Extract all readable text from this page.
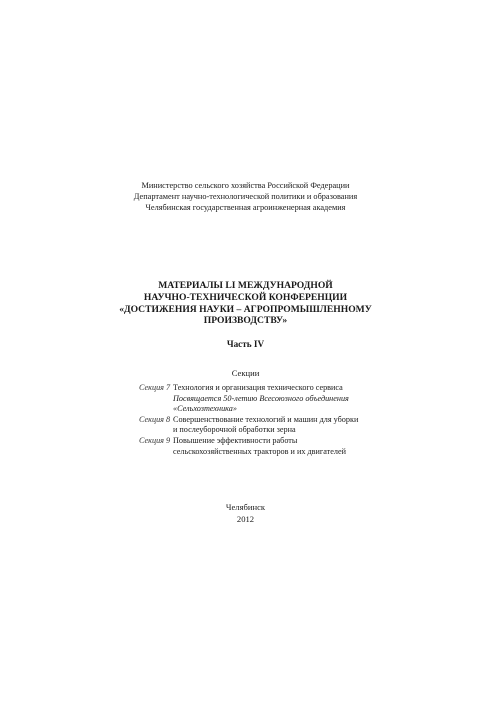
Министерство сельского хозяйства Российской Федерации
Департамент научно-технологической политики и образования
Челябинская государственная агроинженерная академия
МАТЕРИАЛЫ LI МЕЖДУНАРОДНОЙ
НАУЧНО-ТЕХНИЧЕСКОЙ КОНФЕРЕНЦИИ
«ДОСТИЖЕНИЯ НАУКИ – АГРОПРОМЫШЛЕННОМУ
ПРОИЗВОДСТВУ»
Часть IV
Секции
Секция 7 Технология и организация технического сервиса
Посвящается 50-летию Всесоюзного объединения
«Сельхозтехника»
Секция 8 Совершенствование технологий и машин для уборки
и послеуборочной обработки зерна
Секция 9 Повышение эффективности работы
сельскохозяйственных тракторов и их двигателей
Челябинск
2012
